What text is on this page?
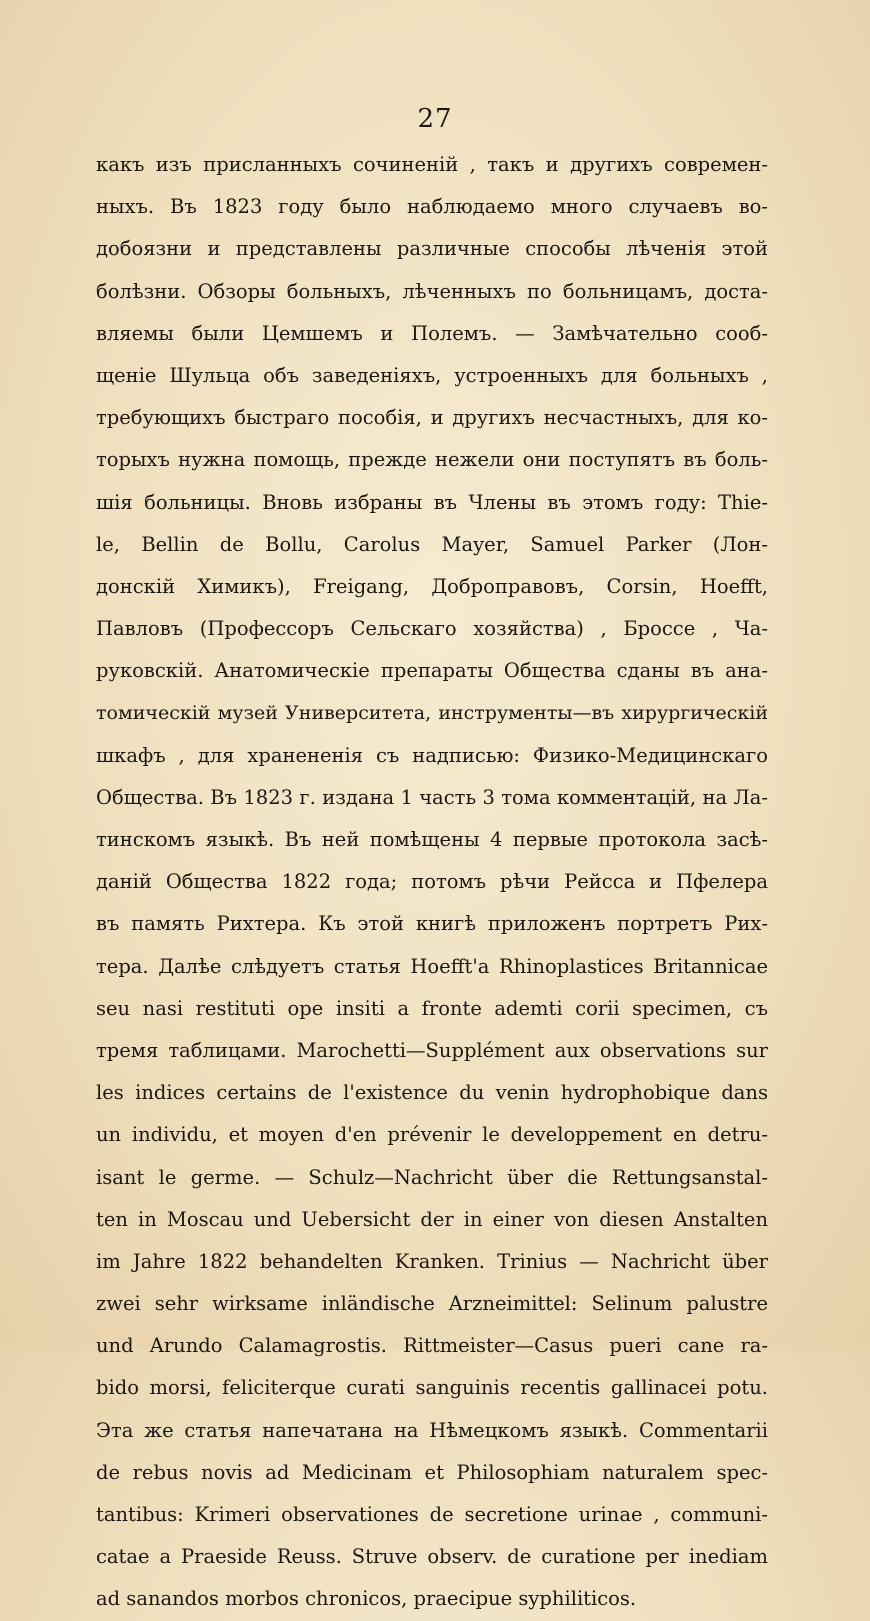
27
какъ изъ присланныхъ сочиненій , такъ и другихъ современ-
ныхъ. Въ 1823 году было наблюдаемо много случаевъ во-
добоязни и представлены различные способы лѣченія этой
болѣзни. Обзоры больныхъ, лѣченныхъ по больницамъ, доста-
вляемы были Цемшемъ и Полемъ. — Замѣчательно сооб-
щеніе Шульца объ заведеніяхъ, устроенныхъ для больныхъ ,
требующихъ быстраго пособія, и другихъ несчастныхъ, для ко-
торыхъ нужна помощь, прежде нежели они поступятъ въ боль-
шія больницы. Вновь избраны въ Члены въ этомъ году: Thie-
le, Bellin de Bollu, Carolus Mayer, Samuel Parker (Лон-
донскій Химикъ), Freigang, Доброправовъ, Corsin, Hoefft,
Павловъ (Профессоръ Сельскаго хозяйства) , Броссе , Ча-
руковскій. Анатомическіе препараты Общества сданы въ ана-
томическій музей Университета, инструменты—въ хирургическій
шкафъ , для хранененія съ надписью: Физико-Медицинскаго
Общества. Въ 1823 г. издана 1 часть 3 тома комментацій, на Ла-
тинскомъ языкѣ. Въ ней помѣщены 4 первые протокола засѣ-
даній Общества 1822 года; потомъ рѣчи Рейсса и Пфелера
въ память Рихтера. Къ этой книгѣ приложенъ портретъ Рих-
тера. Далѣе слѣдуетъ статья Hoefft'a Rhinoplastices Britannicae
seu nasi restituti ope insiti a fronte ademti corii specimen, съ
тремя таблицами. Marochetti—Supplément aux observations sur
les indices certains de l'existence du venin hydrophobique dans
un individu, et moyen d'en prévenir le developpement en detru-
isant le germe. — Schulz—Nachricht über die Rettungsanstal-
ten in Moscau und Uebersicht der in einer von diesen Anstalten
im Jahre 1822 behandelten Kranken. Trinius — Nachricht über
zwei sehr wirksame inländische Arzneimittel: Selinum palustre
und Arundo Calamagrostis. Rittmeister—Casus pueri cane ra-
bido morsi, feliciterque curati sanguinis recentis gallinacei potu.
Эта же статья напечатана на Нѣмецкомъ языкѣ. Commentarii
de rebus novis ad Medicinam et Philosophiam naturalem spec-
tantibus: Krimeri observationes de secretione urinae , communi-
catae a Praeside Reuss. Struve observ. de curatione per inediam
ad sanandos morbos chronicos, praecipue syphiliticos.
